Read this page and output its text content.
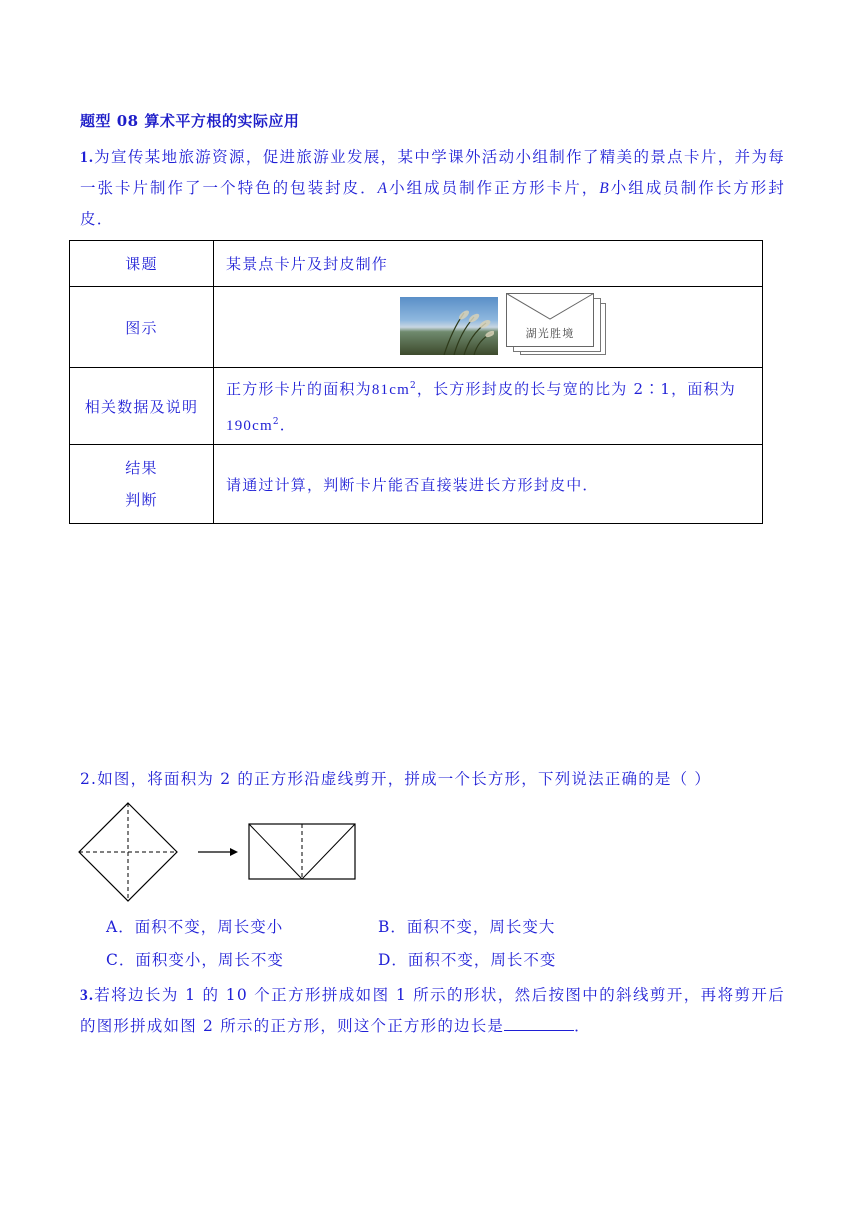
题型 08 算术平方根的实际应用
1.为宣传某地旅游资源，促进旅游业发展，某中学课外活动小组制作了精美的景点卡片，并为每一张卡片制作了一个特色的包装封皮．A小组成员制作正方形卡片，B小组成员制作长方形封皮．
课题	某景点卡片及封皮制作
图示	湖光胜境

相关数据及说明	正方形卡片的面积为$81cm^2$，长方形封皮的长与宽的比为 2∶1，面积为
$190cm^2$．
结果
判断	请通过计算，判断卡片能否直接装进长方形封皮中．
2.如图，将面积为 2 的正方形沿虚线剪开，拼成一个长方形，下列说法正确的是（ ）
A．面积不变，周长变小	B．面积不变，周长变大
C．面积变小，周长不变	D．面积不变，周长不变
3.若将边长为 1 的 10 个正方形拼成如图 1 所示的形状，然后按图中的斜线剪开，再将剪开后的图形拼成如图 2 所示的正方形，则这个正方形的边长是	．
